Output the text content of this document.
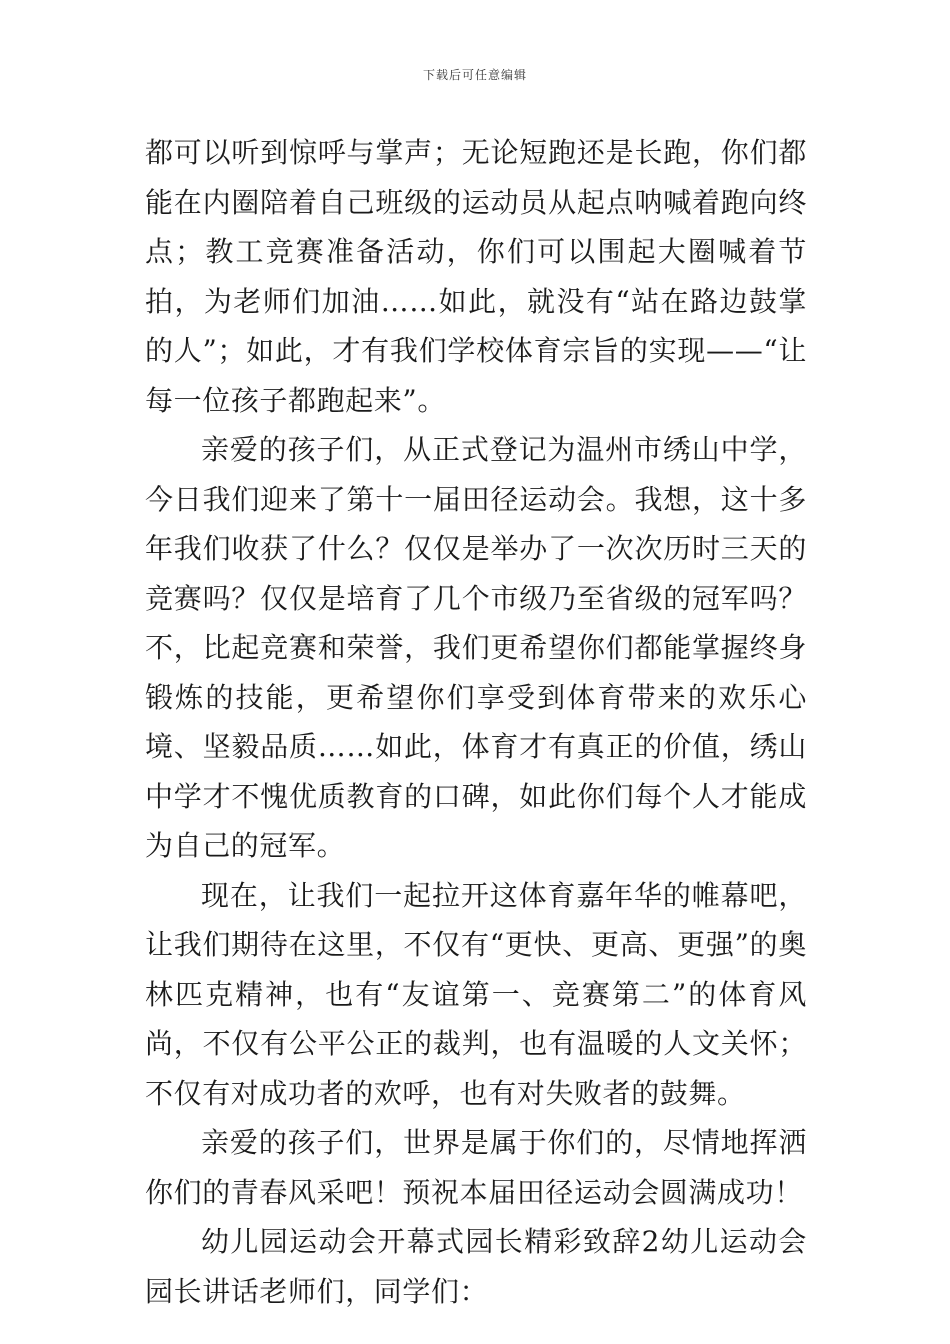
下载后可任意编辑

都可以听到惊呼与掌声；无论短跑还是长跑，你们都能在内圈陪着自己班级的运动员从起点呐喊着跑向终点；教工竞赛准备活动，你们可以围起大圈喊着节拍，为老师们加油……如此，就没有“站在路边鼓掌的人”；如此，才有我们学校体育宗旨的实现——“让每一位孩子都跑起来”。

亲爱的孩子们，从正式登记为温州市绣山中学，今日我们迎来了第十一届田径运动会。我想，这十多年我们收获了什么？仅仅是举办了一次次历时三天的竞赛吗？仅仅是培育了几个市级乃至省级的冠军吗？不，比起竞赛和荣誉，我们更希望你们都能掌握终身锻炼的技能，更希望你们享受到体育带来的欢乐心境、坚毅品质……如此，体育才有真正的价值，绣山中学才不愧优质教育的口碑，如此你们每个人才能成为自己的冠军。

现在，让我们一起拉开这体育嘉年华的帷幕吧，让我们期待在这里，不仅有“更快、更高、更强”的奥林匹克精神，也有“友谊第一、竞赛第二”的体育风尚，不仅有公平公正的裁判，也有温暖的人文关怀；不仅有对成功者的欢呼，也有对失败者的鼓舞。

亲爱的孩子们，世界是属于你们的，尽情地挥洒你们的青春风采吧！预祝本届田径运动会圆满成功！

幼儿园运动会开幕式园长精彩致辞2幼儿运动会园长讲话老师们，同学们：
